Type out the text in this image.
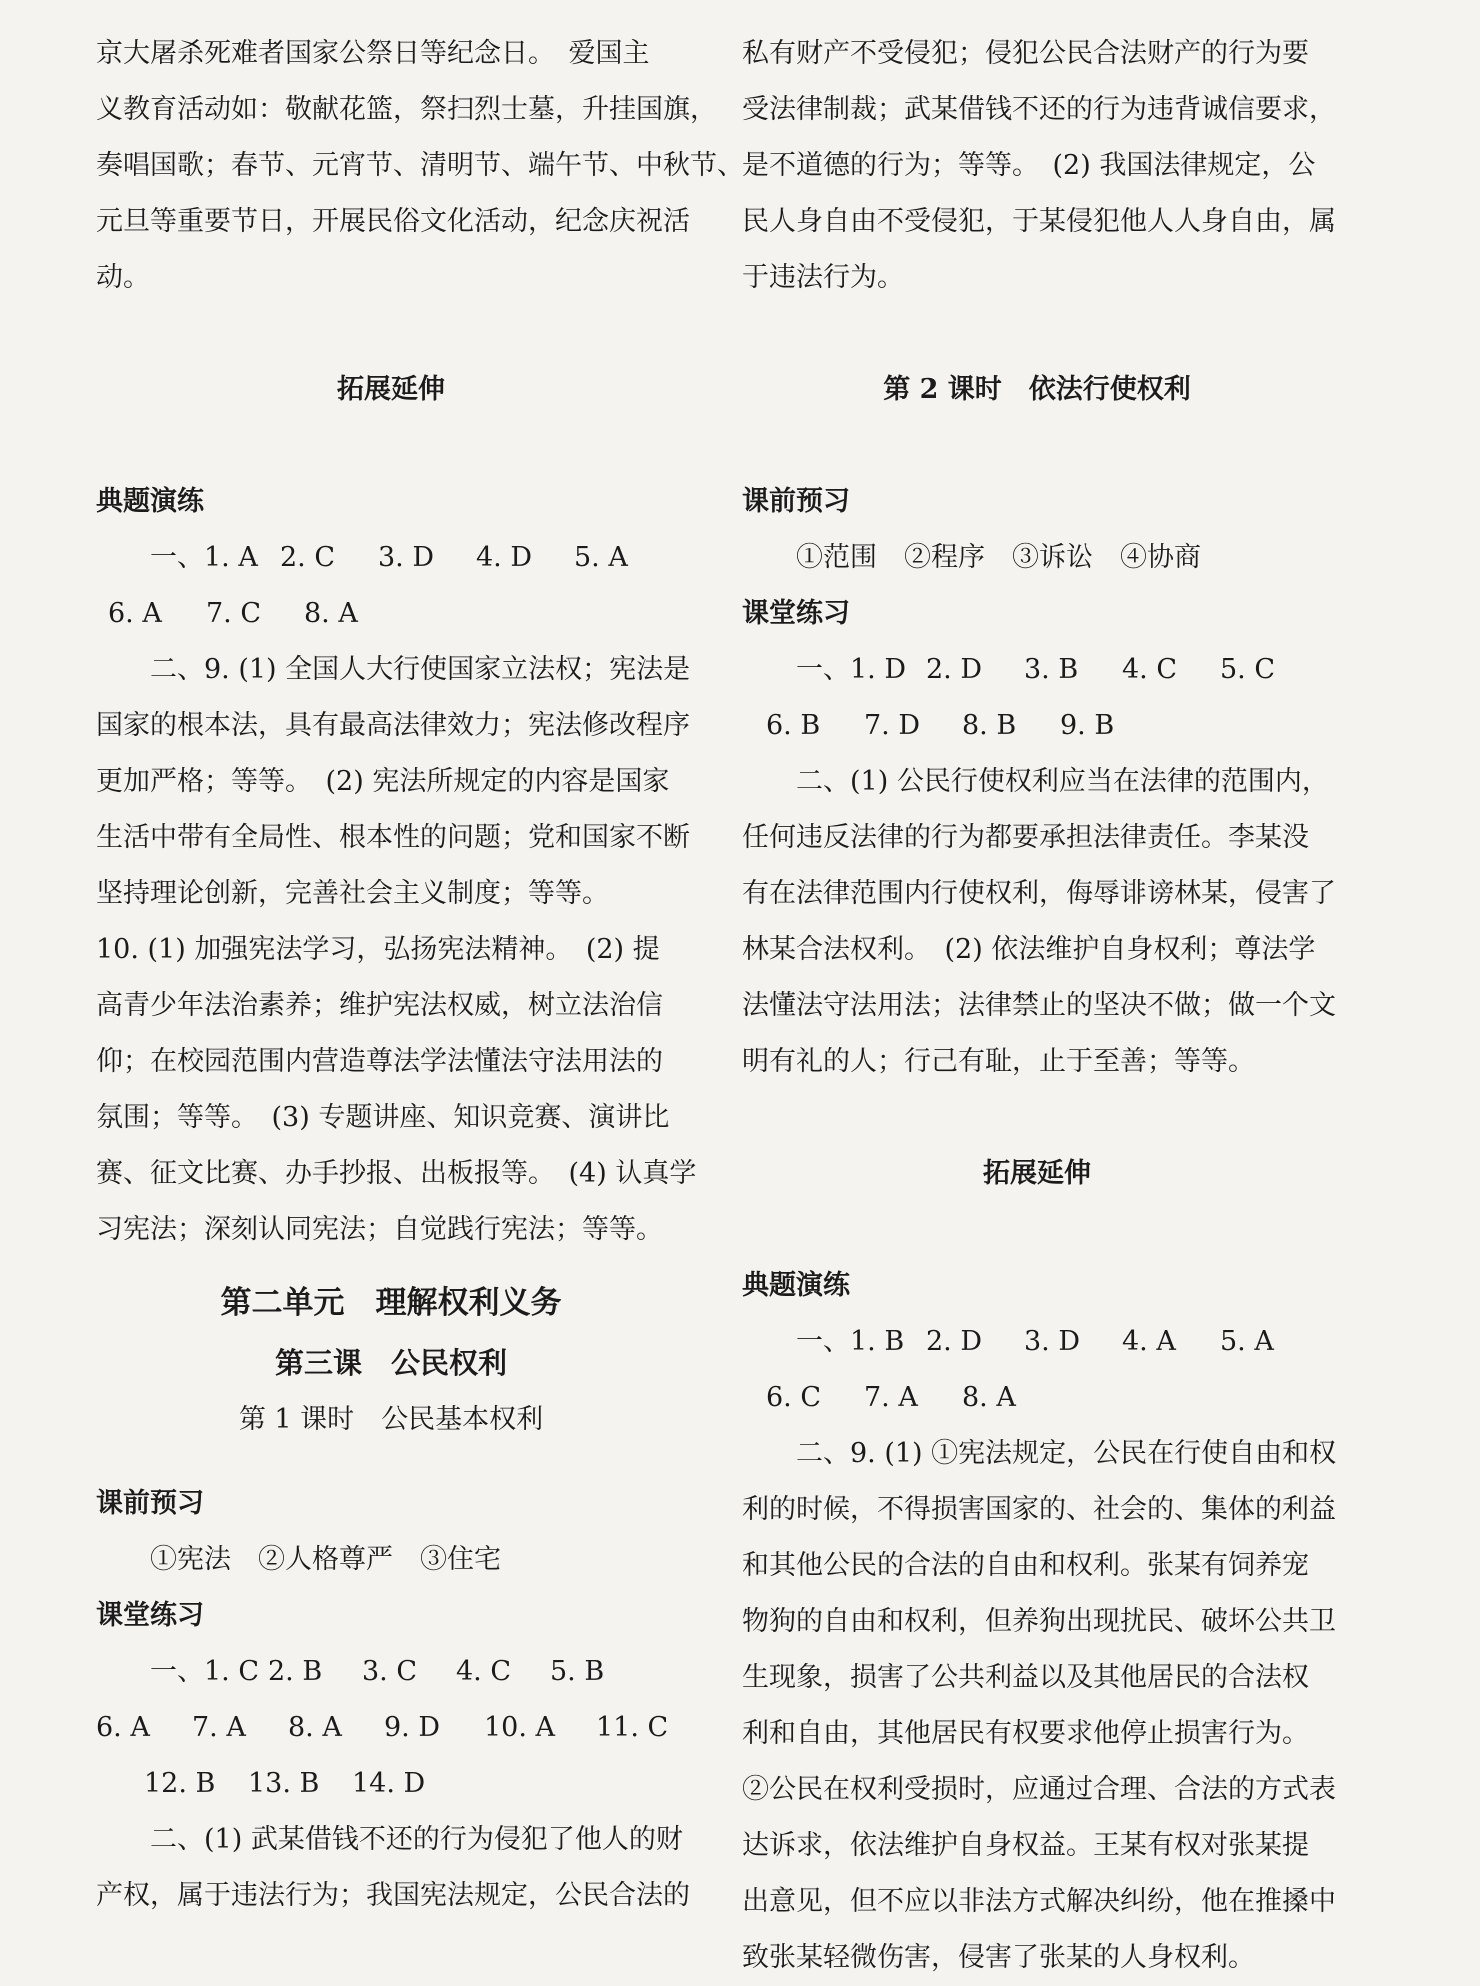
京大屠杀死难者国家公祭日等纪念日。　爱国主
义教育活动如：敬献花篮，祭扫烈士墓，升挂国旗，
奏唱国歌；春节、元宵节、清明节、端午节、中秋节、
元旦等重要节日，开展民俗文化活动，纪念庆祝活
动。
拓展延伸
典题演练
一、1. A 2. C 3. D 4. D 5. A
6. A 7. C 8. A
二、9. (1) 全国人大行使国家立法权；宪法是
国家的根本法，具有最高法律效力；宪法修改程序
更加严格；等等。　(2) 宪法所规定的内容是国家
生活中带有全局性、根本性的问题；党和国家不断
坚持理论创新，完善社会主义制度；等等。
10. (1) 加强宪法学习，弘扬宪法精神。　(2) 提
高青少年法治素养；维护宪法权威，树立法治信
仰；在校园范围内营造尊法学法懂法守法用法的
氛围；等等。　(3) 专题讲座、知识竞赛、演讲比
赛、征文比赛、办手抄报、出板报等。　(4) 认真学
习宪法；深刻认同宪法；自觉践行宪法；等等。
第二单元　理解权利义务
第三课　公民权利
第 1 课时　公民基本权利
课前预习
①宪法　②人格尊严　③住宅
课堂练习
一、1. C 2. B 3. C 4. C 5. B
6. A 7. A 8. A 9. D 10. A 11. C
12. B 13. B 14. D
二、(1) 武某借钱不还的行为侵犯了他人的财
产权，属于违法行为；我国宪法规定，公民合法的
私有财产不受侵犯；侵犯公民合法财产的行为要
受法律制裁；武某借钱不还的行为违背诚信要求，
是不道德的行为；等等。　(2) 我国法律规定，公
民人身自由不受侵犯，于某侵犯他人人身自由，属
于违法行为。
第 2 课时　依法行使权利
课前预习
①范围　②程序　③诉讼　④协商
课堂练习
一、1. D 2. D 3. B 4. C 5. C
6. B 7. D 8. B 9. B
二、(1) 公民行使权利应当在法律的范围内，
任何违反法律的行为都要承担法律责任。李某没
有在法律范围内行使权利，侮辱诽谤林某，侵害了
林某合法权利。　(2) 依法维护自身权利；尊法学
法懂法守法用法；法律禁止的坚决不做；做一个文
明有礼的人；行己有耻，止于至善；等等。
拓展延伸
典题演练
一、1. B 2. D 3. D 4. A 5. A
6. C 7. A 8. A
二、9. (1) ①宪法规定，公民在行使自由和权
利的时候，不得损害国家的、社会的、集体的利益
和其他公民的合法的自由和权利。张某有饲养宠
物狗的自由和权利，但养狗出现扰民、破坏公共卫
生现象，损害了公共利益以及其他居民的合法权
利和自由，其他居民有权要求他停止损害行为。
②公民在权利受损时，应通过合理、合法的方式表
达诉求，依法维护自身权益。王某有权对张某提
出意见，但不应以非法方式解决纠纷，他在推搡中
致张某轻微伤害，侵害了张某的人身权利。
